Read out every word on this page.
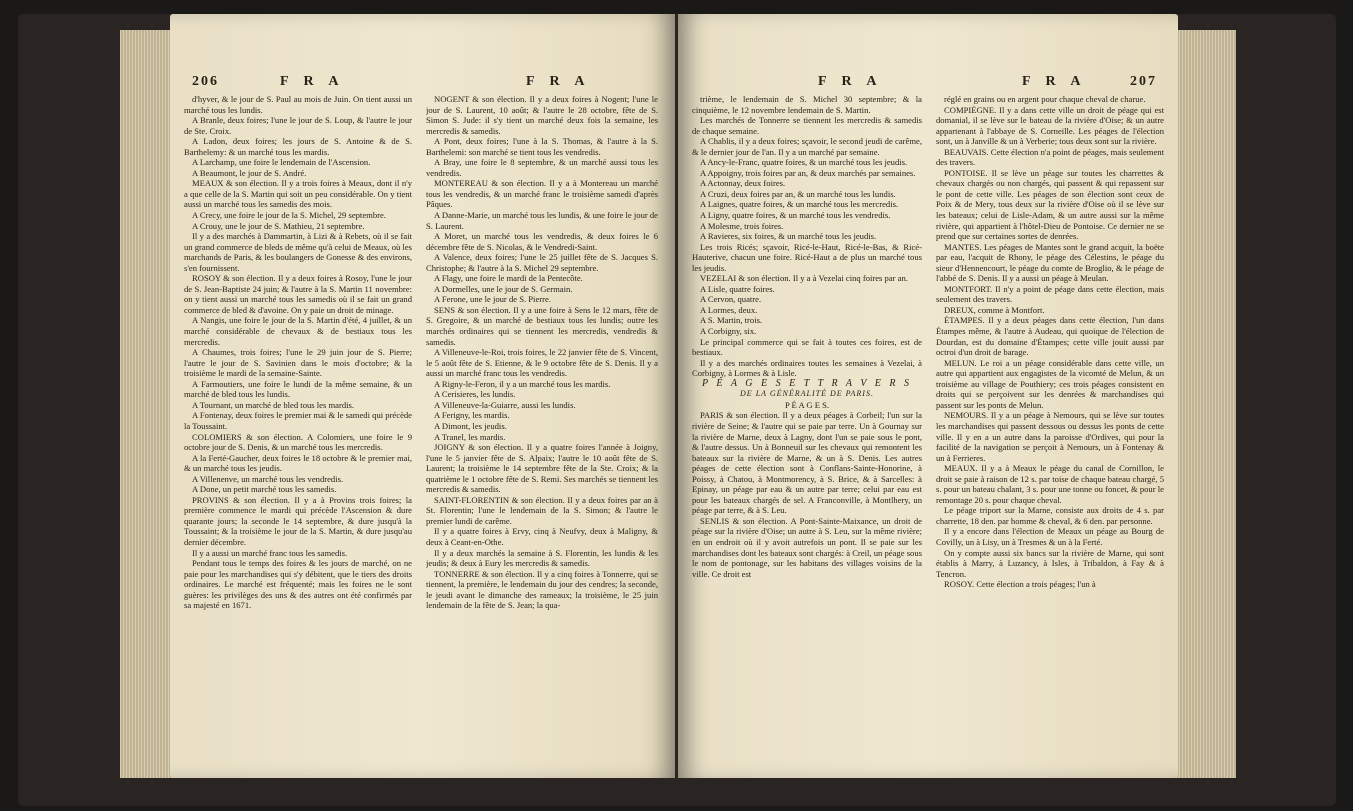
206	F R A	F R A

d'hyver, & le jour de S. Paul au mois de Juin. On tient aussi un marché tous les lundis.

A Branle, deux foires; l'une le jour de S. Loup, & l'autre le jour de Ste. Croix.

A Ladon, deux foires; les jours de S. Antoine & de S. Barthelemy: & un marché tous les mardis.

A Larchamp, une foire le lendemain de l'Ascension.

A Beaumont, le jour de S. André.

MEAUX & son élection. Il y a trois foires à Meaux, dont il n'y a que celle de la S. Martin qui soit un peu considérable. On y tient aussi un marché tous les samedis des mois.

A Crecy, une foire le jour de la S. Michel, 29 septembre.

A Crouy, une le jour de S. Mathieu, 21 septembre.

Il y a des marchés à Dammartin, à Lizi & à Rebets, où il se fait un grand commerce de bleds de même qu'à celui de Meaux, où les marchands de Paris, & les boulangers de Gonesse & des environs, s'en fournissent.

ROSOY & son élection. Il y a deux foires à Rosoy, l'une le jour de S. Jean-Baptiste 24 juin; & l'autre à la S. Martin 11 novembre: on y tient aussi un marché tous les samedis où il se fait un grand commerce de bled & d'avoine. On y paie un droit de minage.

A Nangis, une foire le jour de la S. Martin d'été, 4 juillet, & un marché considérable de chevaux & de bestiaux tous les mercredis.

A Chaumes, trois foires; l'une le 29 juin jour de S. Pierre; l'autre le jour de S. Savinien dans le mois d'octobre; & la troisième le mardi de la semaine-Sainte.

A Farmoutiers, une foire le lundi de la même semaine, & un marché de bled tous les lundis.

A Tournant, un marché de bled tous les mardis.

A Fontenay, deux foires le premier mai & le samedi qui précède la Toussaint.

COLOMIERS & son élection. A Colomiers, une foire le 9 octobre jour de S. Denis, & un marché tous les mercredis.

A la Ferté-Gaucher, deux foires le 18 octobre & le premier mai, & un marché tous les jeudis.

A Villenenve, un marché tous les vendredis.

A Done, un petit marché tous les samedis.

PROVINS & son élection. Il y a à Provins trois foires; la première commence le mardi qui précède l'Ascension & dure quarante jours; la seconde le 14 septembre, & dure jusqu'à la Toussaint; & la troisième le jour de la S. Martin, & dure jusqu'au dernier décembre.

Il y a aussi un marché franc tous les samedis.

Pendant tous le temps des foires & les jours de marché, on ne paie pour les marchandises qui s'y débitent, que le tiers des droits ordinaires. Le marché est fréquenté; mais les foires ne le sont guères: les privilèges des uns & des autres ont été confirmés par sa majesté en 1671.

NOGENT & son élection. Il y a deux foires à Nogent; l'une le jour de S. Laurent, 10 août; & l'autre le 28 octobre, fête de S. Simon S. Jude: il s'y tient un marché deux fois la semaine, les mercredis & samedis.

A Pont, deux foires; l'une à la S. Thomas, & l'autre à la S. Barthelemi: son marché se tient tous les vendredis.

A Bray, une foire le 8 septembre, & un marché aussi tous les vendredis.

MONTEREAU & son élection. Il y a à Montereau un marché tous les vendredis, & un marché franc le troisième samedi d'après Pâques.

A Danne-Marie, un marché tous les lundis, & une foire le jour de S. Laurent.

A Moret, un marché tous les vendredis, & deux foires le 6 décembre fête de S. Nicolas, & le Vendredi-Saint.

A Valence, deux foires; l'une le 25 juillet fête de S. Jacques S. Christophe; & l'autre à la S. Michel 29 septembre.

A Flagy, une foire le mardi de la Pentecôte.

A Dormelles, une le jour de S. Germain.

A Ferone, une le jour de S. Pierre.

SENS & son élection. Il y a une foire à Sens le 12 mars, fête de S. Gregoire, & un marché de bestiaux tous les lundis; outre les marchés ordinaires qui se tiennent les mercredis, vendredis & samedis.

A Villeneuve-le-Roi, trois foires, le 22 janvier fête de S. Vincent, le 5 août fête de S. Etienne, & le 9 octobre fête de S. Denis. Il y a aussi un marché franc tous les vendredis.

A Rigny-le-Feron, il y a un marché tous les mardis.

A Cerisieres, les lundis.

A Villeneuve-la-Guiarre, aussi les lundis.

A Ferigny, les mardis.

A Dimont, les jeudis.

A Tranel, les mardis.

JOIGNY & son élection. Il y a quatre foires l'année à Joigny, l'une le 5 janvier fête de S. Alpaix; l'autre le 10 août fête de S. Laurent; la troisième le 14 septembre fête de la Ste. Croix; & la quatrième le 1 octobre fête de S. Remi. Ses marchés se tiennent les mercredis & samedis.

SAINT-FLORENTIN & son élection. Il y a deux foires par an à St. Florentin; l'une le lendemain de la S. Simon; & l'autre le premier lundi de carême.

Il y a quatre foires à Ervy, cinq à Neufvy, deux à Maligny, & deux à Ceant-en-Othe.

Il y a deux marchés la semaine à S. Florentin, les lundis & les jeudis; & deux à Eury les mercredis & samedis.

TONNERRE & son élection. Il y a cinq foires à Tonnerre, qui se tiennent, la première, le lendemain du jour des cendres; la seconde, le jeudi avant le dimanche des rameaux; la troisième, le 25 juin lendemain de la fête de S. Jean; la qua-

F R A	F R A	207

trième, le lendemain de S. Michel 30 septembre; & la cinquième, le 12 novembre lendemain de S. Martin.

Les marchés de Tonnerre se tiennent les mercredis & samedis de chaque semaine.

A Chablis, il y a deux foires; sçavoir, le second jeudi de carême, & le dernier jour de l'an. Il y a un marché par semaine.

A Ancy-le-Franc, quatre foires, & un marché tous les jeudis.

A Appoigny, trois foires par an, & deux marchés par semaines.

A Actonnay, deux foires.

A Cruzi, deux foires par an, & un marché tous les lundis.

A Laignes, quatre foires, & un marché tous les mercredis.

A Ligny, quatre foires, & un marché tous les vendredis.

A Molesme, trois foires.

A Ravieres, six foires, & un marché tous les jeudis.

Les trois Ricés; sçavoir, Ricé-le-Haut, Ricé-le-Bas, & Ricé-Hauterive, chacun une foire. Ricé-Haut a de plus un marché tous les jeudis.

VEZELAI & son élection. Il y a à Vezelai cinq foires par an.

A Lisle, quatre foires.

A Cervon, quatre.

A Lormes, deux.

A S. Martin, trois.

A Corbigny, six.

Le principal commerce qui se fait à toutes ces foires, est de bestiaux.

Il y a des marchés ordinaires toutes les semaines à Vezelai, à Corbigny, à Lormes & à Lisle.

P É A G E S E T T R A V E R S

DE LA GÉNÉRALITÉ DE PARIS.

P É A G E S.

PARIS & son élection. Il y a deux péages à Corbeil; l'un sur la rivière de Seine; & l'autre qui se paie par terre. Un à Gournay sur la rivière de Marne, deux à Lagny, dont l'un se paie sous le pont, & l'autre dessus. Un à Bonneuil sur les chevaux qui remontent les bateaux sur la rivière de Marne, & un à S. Denis. Les autres péages de cette élection sont à Conflans-Sainte-Honorine, à Poissy, à Chatou, à Montmorency, à S. Brice, & à Sarcelles: à Epinay, un péage par eau & un autre par terre; celui par eau est pour les bateaux chargés de sel. A Franconville, à Montlhery, un péage par terre, & à S. Leu.

SENLIS & son élection. A Pont-Sainte-Maixance, un droit de péage sur la rivière d'Oise; un autre à S. Leu, sur la même rivière; en un endroit où il y avoit autrefois un pont. Il se paie sur les marchandises dont les bateaux sont chargés: à Creil, un péage sous le nom de pontonage, sur les habitans des villages voisins de la ville. Ce droit est

réglé en grains ou en argent pour chaque cheval de charue.

COMPIÈGNE. Il y a dans cette ville un droit de péage qui est domanial, il se lève sur le bateau de la rivière d'Oise; & un autre appartenant à l'abbaye de S. Corneille. Les péages de l'élection sont, un à Janville & un à Verberie; tous deux sont sur la rivière.

BEAUVAIS. Cette élection n'a point de péages, mais seulement des travers.

PONTOISE. Il se lève un péage sur toutes les charrettes & chevaux chargés ou non chargés, qui passent & qui repassent sur le pont de cette ville. Les péages de son élection sont ceux de Poix & de Mery, tous deux sur la rivière d'Oise où il se lève sur les bateaux; celui de Lisle-Adam, & un autre aussi sur la même rivière, qui appartient à l'hôtel-Dieu de Pontoise. Ce dernier ne se prend que sur certaines sortes de denrées.

MANTES. Les péages de Mantes sont le grand acquit, la boëte par eau, l'acquit de Rhony, le péage des Célestins, le péage du sieur d'Hennencourt, le péage du comte de Broglio, & le péage de l'abbé de S. Denis. Il y a aussi un péage à Meulan.

MONTFORT. Il n'y a point de péage dans cette élection, mais seulement des travers.

DREUX, comme à Montfort.

ÉTAMPES. Il y a deux péages dans cette élection, l'un dans Étampes même, & l'autre à Audeau, qui quoique de l'élection de Dourdan, est du domaine d'Étampes; cette ville jouit aussi par octroi d'un droit de barage.

MELUN. Le roi a un péage considérable dans cette ville, un autre qui appartient aux engagistes de la vicomté de Melun, & un troisième au village de Pouthiery; ces trois péages consistent en droits qui se perçoivent sur les denrées & marchandises qui passent sur les ponts de Melun.

NEMOURS. Il y a un péage à Nemours, qui se lève sur toutes les marchandises qui passent dessous ou dessus les ponts de cette ville. Il y en a un autre dans la paroisse d'Ordives, qui pour la facilité de la navigation se perçoit à Nemours, un à Fontenay & un à Ferrieres.

MEAUX. Il y a à Meaux le péage du canal de Cornillon, le droit se paie à raison de 12 s. par toise de chaque bateau chargé, 5 s. pour un bateau chalant, 3 s. pour une tonne ou foncet, & pour le remontage 20 s. pour chaque cheval.

Le péage triport sur la Marne, consiste aux droits de 4 s. par charrette, 18 den. par homme & cheval, & 6 den. par personne.

Il y a encore dans l'élection de Meaux un péage au Bourg de Covilly, un à Lisy, un à Tresmes & un à la Ferté.

On y compte aussi six bancs sur la rivière de Marne, qui sont établis à Marry, à Luzancy, à Isles, à Tribaldon, à Fay & à Tencron.

ROSOY. Cette élection a trois péages; l'un à
